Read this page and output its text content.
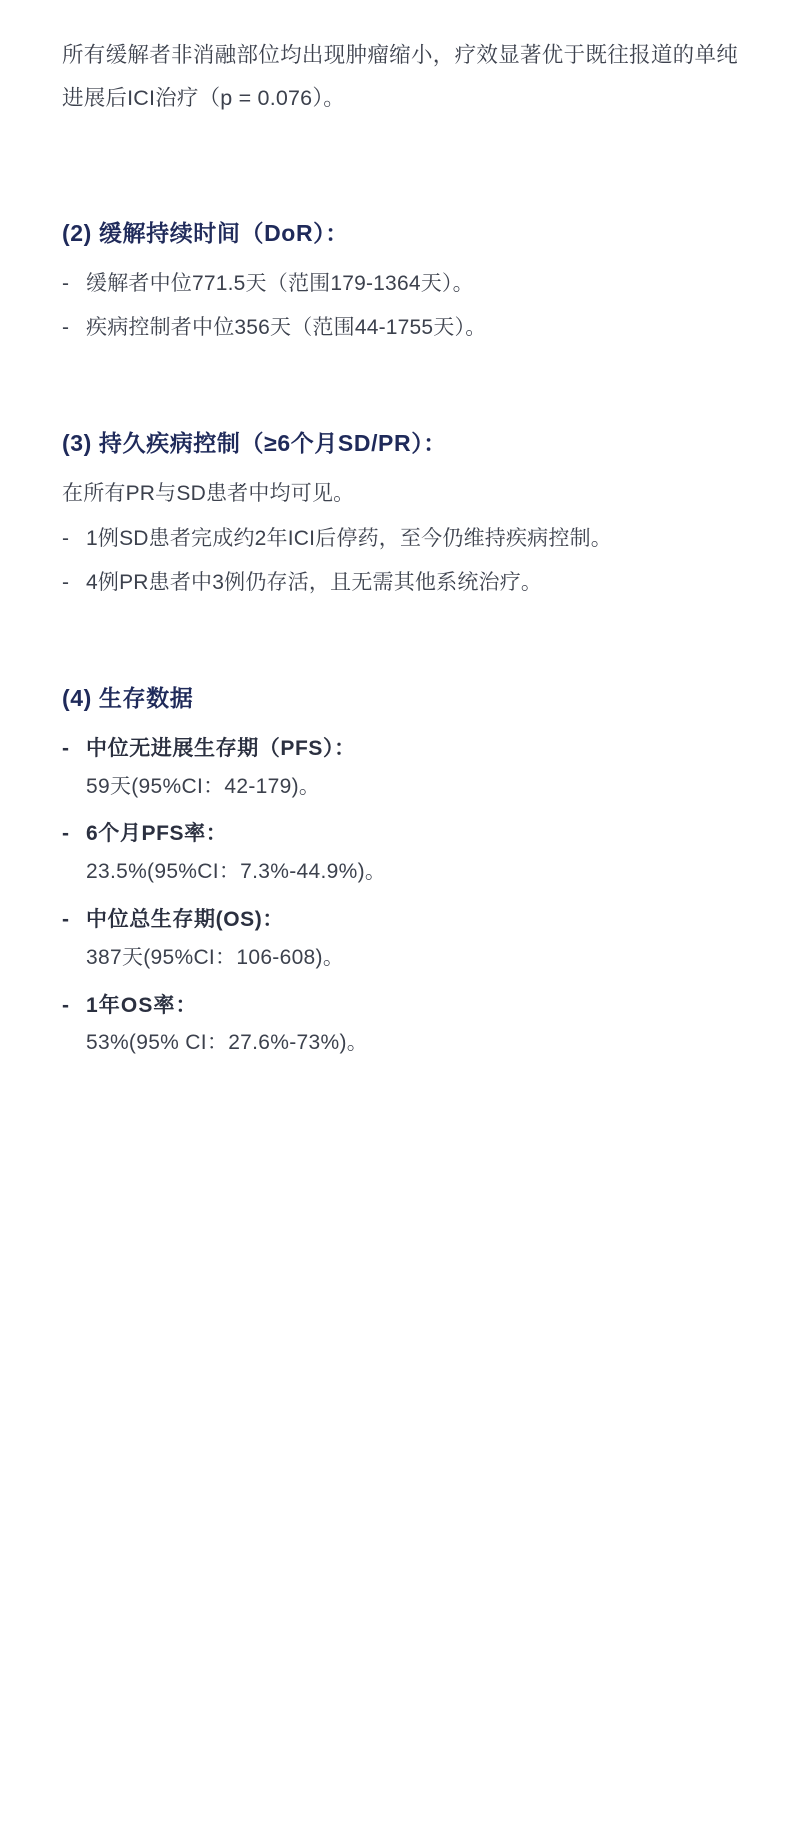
所有缓解者非消融部位均出现肿瘤缩小，疗效显著优于既往报道的单纯进展后ICI治疗（p = 0.076）。

(2) 缓解持续时间（DoR）：
- 缓解者中位771.5天（范围179-1364天）。
- 疾病控制者中位356天（范围44-1755天）。
(3) 持久疾病控制（≥6个月SD/PR）：

在所有PR与SD患者中均可见。

- 1例SD患者完成约2年ICI后停药，至今仍维持疾病控制。
- 4例PR患者中3例仍存活，且无需其他系统治疗。
(4) 生存数据
- 中位无进展生存期（PFS）：

59天(95%CI：42-179)。

- 6个月PFS率：

23.5%(95%CI：7.3%-44.9%)。

- 中位总生存期(OS)：

387天(95%CI：106-608)。

- 1年OS率：

53%(95% CI：27.6%-73%)。
